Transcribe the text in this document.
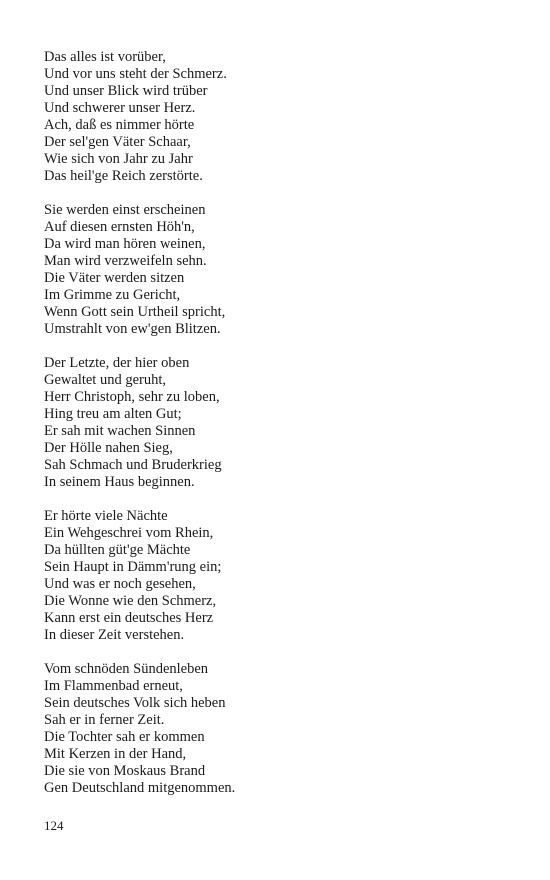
Das alles ist vorüber,
Und vor uns steht der Schmerz.
Und unser Blick wird trüber
Und schwerer unser Herz.
Ach, daß es nimmer hörte
Der sel'gen Väter Schaar,
Wie sich von Jahr zu Jahr
Das heil'ge Reich zerstörte.
Sie werden einst erscheinen
Auf diesen ernsten Höh'n,
Da wird man hören weinen,
Man wird verzweifeln sehn.
Die Väter werden sitzen
Im Grimme zu Gericht,
Wenn Gott sein Urtheil spricht,
Umstrahlt von ew'gen Blitzen.
Der Letzte, der hier oben
Gewaltet und geruht,
Herr Christoph, sehr zu loben,
Hing treu am alten Gut;
Er sah mit wachen Sinnen
Der Hölle nahen Sieg,
Sah Schmach und Bruderkrieg
In seinem Haus beginnen.
Er hörte viele Nächte
Ein Wehgeschrei vom Rhein,
Da hüllten güt'ge Mächte
Sein Haupt in Dämm'rung ein;
Und was er noch gesehen,
Die Wonne wie den Schmerz,
Kann erst ein deutsches Herz
In dieser Zeit verstehen.
Vom schnöden Sündenleben
Im Flammenbad erneut,
Sein deutsches Volk sich heben
Sah er in ferner Zeit.
Die Tochter sah er kommen
Mit Kerzen in der Hand,
Die sie von Moskaus Brand
Gen Deutschland mitgenommen.
124
